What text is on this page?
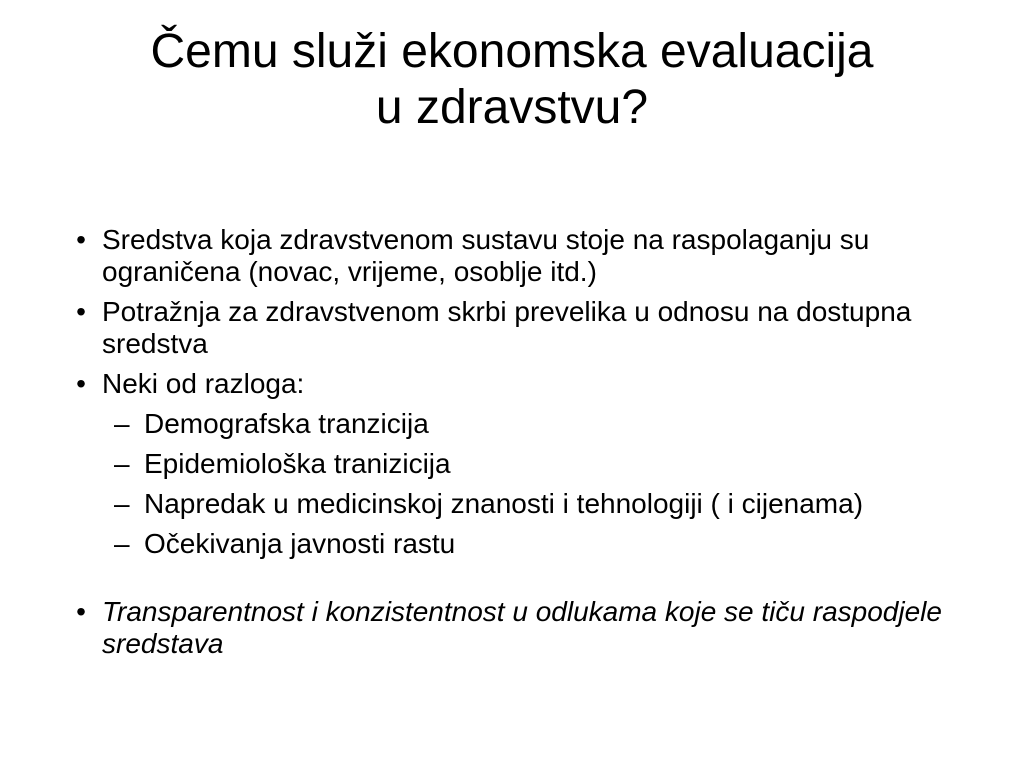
Čemu služi ekonomska evaluacija
u zdravstvu?
• Sredstva koja zdravstvenom sustavu stoje na raspolaganju su ograničena (novac, vrijeme, osoblje itd.)
• Potražnja za zdravstvenom skrbi prevelika u odnosu na dostupna sredstva
• Neki od razloga:
– Demografska tranzicija
– Epidemiološka tranizicija
– Napredak u medicinskoj znanosti i tehnologiji ( i cijenama)
– Očekivanja javnosti rastu
• Transparentnost i konzistentnost u odlukama koje se tiču raspodjele sredstava
